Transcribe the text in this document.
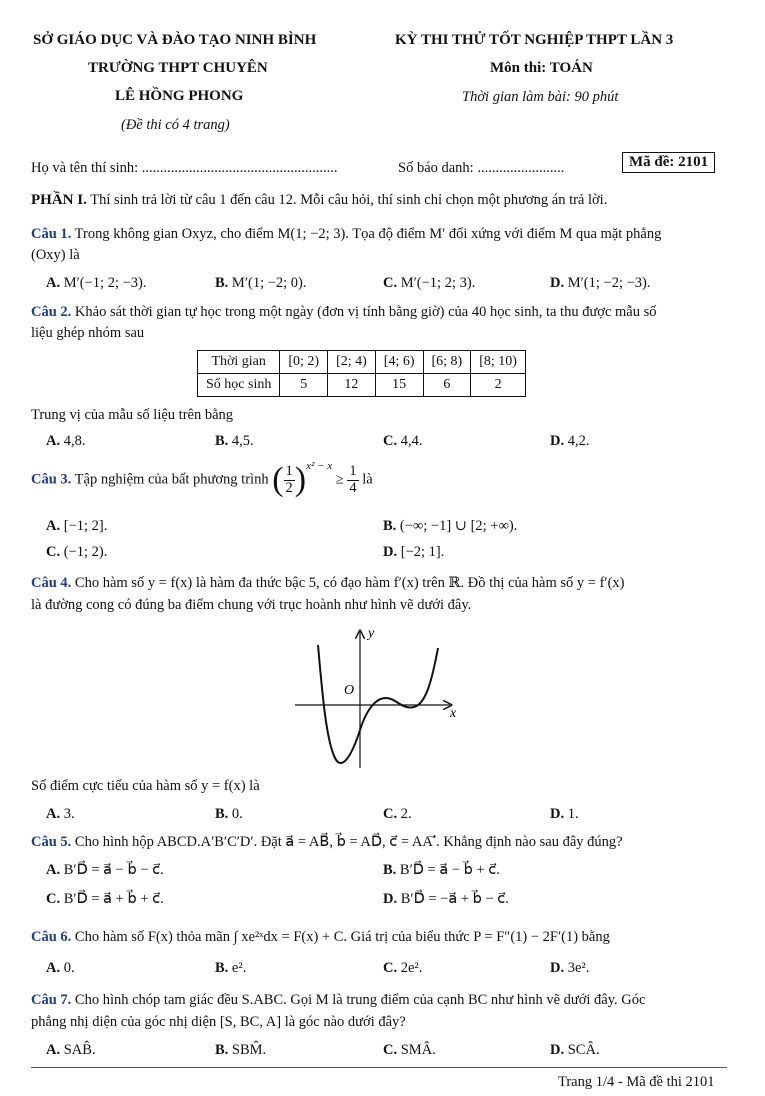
SỞ GIÁO DỤC VÀ ĐÀO TẠO NINH BÌNH
TRƯỜNG THPT CHUYÊN
LÊ HỒNG PHONG
(Đề thi có 4 trang)
KỲ THI THỬ TỐT NGHIỆP THPT LẦN 3
Môn thi: TOÁN
Thời gian làm bài: 90 phút
Họ và tên thí sinh: ......................................................	Số báo danh: ........................	Mã đề: 2101
PHẦN I. Thí sinh trả lời từ câu 1 đến câu 12. Mỗi câu hỏi, thí sinh chỉ chọn một phương án trả lời.
Câu 1. Trong không gian Oxyz, cho điểm M(1; −2; 3). Tọa độ điểm M′ đối xứng với điểm M qua mặt phẳng
(Oxy) là
A. M′(−1; 2; −3).	B. M′(1; −2; 0).	C. M′(−1; 2; 3).	D. M′(1; −2; −3).
Câu 2. Khảo sát thời gian tự học trong một ngày (đơn vị tính bằng giờ) của 40 học sinh, ta thu được mẫu số
liệu ghép nhóm sau
Thời gian	[0; 2)	[2; 4)	[4; 6)	[6; 8)	[8; 10)
Số học sinh	5	12	15	6	2
Trung vị của mẫu số liệu trên bằng
A. 4,8.	B. 4,5.	C. 4,4.	D. 4,2.
Câu 3. Tập nghiệm của bất phương trình ( $\frac{1}{2} )^{x^2 - x} \ge \frac{1}{4}$ là
A. [−1; 2].	B. (−∞; −1] ∪ [2; +∞).
C. (−1; 2).	D. [−2; 1].
Câu 4. Cho hàm số y = f(x) là hàm đa thức bậc 5, có đạo hàm f′(x) trên ℝ. Đồ thị của hàm số y = f′(x)
là đường cong có đúng ba điểm chung với trục hoành như hình vẽ dưới đây.
y
x
O
Số điểm cực tiểu của hàm số y = f(x) là
A. 3.	B. 0.	C. 2.	D. 1.
Câu 5. Cho hình hộp ABCD.A′B′C′D′. Đặt a⃗ = AB⃗, b⃗ = AD⃗, c⃗ = AA′⃗. Khẳng định nào sau đây đúng?
A. B′D⃗ = a⃗ − b⃗ − c⃗.	B. B′D⃗ = a⃗ − b⃗ + c⃗.
C. B′D⃗ = a⃗ + b⃗ + c⃗.	D. B′D⃗ = −a⃗ + b⃗ − c⃗.
Câu 6. Cho hàm số F(x) thỏa mãn ∫ xe²ˣdx = F(x) + C. Giá trị của biểu thức P = F″(1) − 2F′(1) bằng
A. 0.	B. e².	C. 2e².	D. 3e².
Câu 7. Cho hình chóp tam giác đều S.ABC. Gọi M là trung điểm của cạnh BC như hình vẽ dưới đây. Góc
phẳng nhị diện của góc nhị diện [S, BC, A] là góc nào dưới đây?
A. SAB̂.	B. SBM̂.	C. SMÂ.	D. SCÂ.
Trang 1/4 - Mã đề thi 2101
